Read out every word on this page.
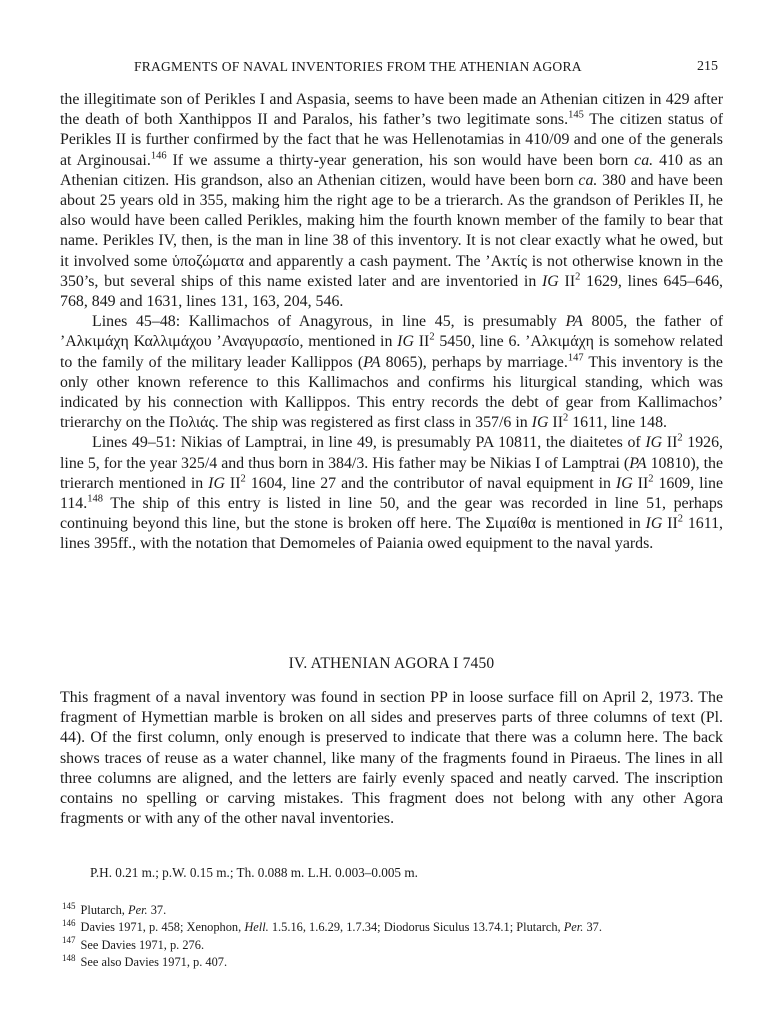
FRAGMENTS OF NAVAL INVENTORIES FROM THE ATHENIAN AGORA	215

the illegitimate son of Perikles I and Aspasia, seems to have been made an Athenian citizen in 429 after the death of both Xanthippos II and Paralos, his father’s two legitimate sons.$^{145}$ The citizen status of Perikles II is further confirmed by the fact that he was Hellenotamias in 410/09 and one of the generals at Arginousai.$^{146}$ If we assume a thirty-year generation, his son would have been born ca. 410 as an Athenian citizen. His grandson, also an Athenian citizen, would have been born ca. 380 and have been about 25 years old in 355, making him the right age to be a trierarch. As the grandson of Perikles II, he also would have been called Perikles, making him the fourth known member of the family to bear that name. Perikles IV, then, is the man in line 38 of this inventory. It is not clear exactly what he owed, but it involved some ὑποζώματα and apparently a cash payment. The ’Ακτίς is not otherwise known in the 350’s, but several ships of this name existed later and are inventoried in IG $II^2$ 1629, lines 645–646, 768, 849 and 1631, lines 131, 163, 204, 546.

Lines 45–48: Kallimachos of Anagyrous, in line 45, is presumably PA 8005, the father of ’Αλκιμάχη Καλλιμάχου ’Αναγυρασίο, mentioned in IG $II^2$ 5450, line 6. ’Αλκιμάχη is somehow related to the family of the military leader Kallippos (PA 8065), perhaps by marriage.$^{147}$ This inventory is the only other known reference to this Kallimachos and confirms his liturgical standing, which was indicated by his connection with Kallippos. This entry records the debt of gear from Kallimachos’ trierarchy on the Πολιάς. The ship was registered as first class in 357/6 in IG $II^2$ 1611, line 148.

Lines 49–51: Nikias of Lamptrai, in line 49, is presumably PA 10811, the diaitetes of IG $II^2$ 1926, line 5, for the year 325/4 and thus born in 384/3. His father may be Nikias I of Lamptrai (PA 10810), the trierarch mentioned in IG $II^2$ 1604, line 27 and the contributor of naval equipment in IG $II^2$ 1609, line 114.$^{148}$ The ship of this entry is listed in line 50, and the gear was recorded in line 51, perhaps continuing beyond this line, but the stone is broken off here. The Σιμαίθα is mentioned in IG $II^2$ 1611, lines 395ff., with the notation that Demomeles of Paiania owed equipment to the naval yards.

IV. ATHENIAN AGORA I 7450

This fragment of a naval inventory was found in section PP in loose surface fill on April 2, 1973. The fragment of Hymettian marble is broken on all sides and preserves parts of three columns of text (Pl. 44). Of the first column, only enough is preserved to indicate that there was a column here. The back shows traces of reuse as a water channel, like many of the fragments found in Piraeus. The lines in all three columns are aligned, and the letters are fairly evenly spaced and neatly carved. The inscription contains no spelling or carving mistakes. This fragment does not belong with any other Agora fragments or with any of the other naval inventories.

P.H. 0.21 m.; p.W. 0.15 m.; Th. 0.088 m. L.H. 0.003–0.005 m.

$^{145}$ Plutarch, Per. 37.

$^{146}$ Davies 1971, p. 458; Xenophon, Hell. 1.5.16, 1.6.29, 1.7.34; Diodorus Siculus 13.74.1; Plutarch, Per. 37.

$^{147}$ See Davies 1971, p. 276.

$^{148}$ See also Davies 1971, p. 407.
